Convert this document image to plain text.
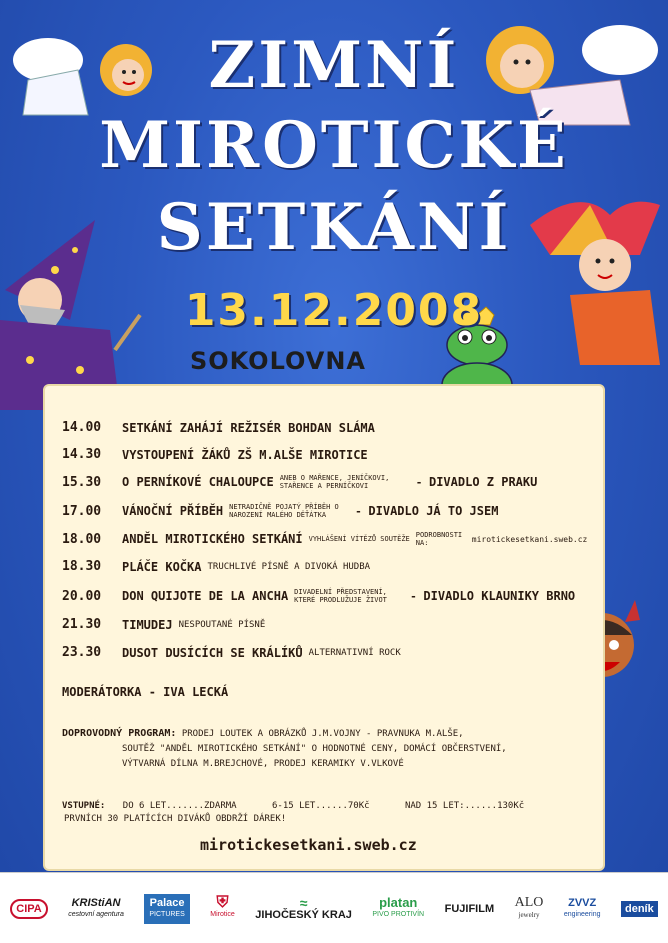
ZIMNÍ
MIROTICKÉ
SETKÁNÍ
13.12.2008
SOKOLOVNA
14.00	SETKÁNÍ ZAHÁJÍ REŽISÉR BOHDAN SLÁMA
14.30	VYSTOUPENÍ ŽÁKŮ ZŠ M.ALŠE MIROTICE
15.30	O PERNÍKOVÉ CHALOUPCE ANEB O MAŘENCE, JENÍČKOVI, STAŘENCE A PERNÍČKOVI	- DIVADLO Z PRAKU
17.00	VÁNOČNÍ PŘÍBĚH NETRADIČNĚ POJATÝ PŘÍBĚH O NAROZENÍ MALÉHO DĚŤÁTKA	- DIVADLO JÁ TO JSEM
18.00	ANDĚL MIROTICKÉHO SETKÁNÍ VYHLÁŠENÍ VÍTĚZŮ SOUTĚŽE PODROBNOSTI NA:	mirotickesetkani.sweb.cz
18.30	PLÁČE KOČKA TRUCHLIVÉ PÍSNĚ A DIVOKÁ HUDBA
20.00	DON QUIJOTE DE LA ANCHA DIVADELNÍ PŘEDSTAVENÍ, KTERÉ PRODLUŽUJE ŽIVOT	- DIVADLO KLAUNIKY BRNO
21.30	TIMUDEJ NESPOUTANÉ PÍSNĚ
23.30	DUSOT DUSÍCÍCH SE KRÁLÍKŮ ALTERNATIVNÍ ROCK
MODERÁTORKA - IVA LECKÁ
DOPROVODNÝ PROGRAM: PRODEJ LOUTEK A OBRÁZKŮ J.M.VOJNY - PRAVNUKA M.ALŠE,
SOUTĚŽ "ANDĚL MIROTICKÉHO SETKÁNÍ" O HODNOTNÉ CENY, DOMÁCÍ OBČERSTVENÍ,
VÝTVARNÁ DÍLNA M.BREJCHOVÉ, PRODEJ KERAMIKY V.VLKOVÉ
VSTUPNÉ: DO 6 LET.......ZDARMA	6-15 LET......70Kč	NAD 15 LET:......130Kč
PRVNÍCH 30 PLATÍCÍCH DIVÁKŮ OBDRŽÍ DÁREK!
mirotickesetkani.sweb.cz
CIPA	KRIStiAN
cestovní agentura
Palace
PICTURES
⛨
Mirotice
≈
JIHOČESKÝ KRAJ
platan
PIVO PROTIVÍN FUJIFILM ALO
jewelry
ZVVZ
engineering	deník
